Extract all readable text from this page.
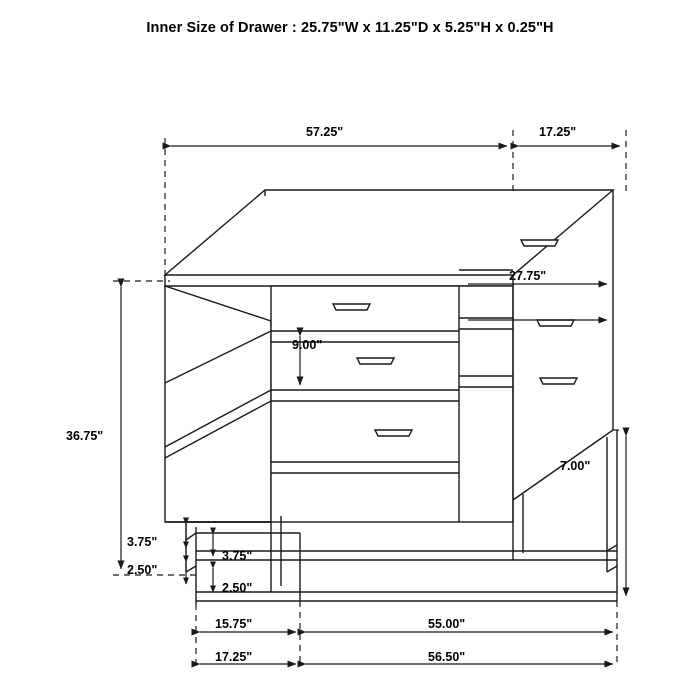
Inner Size of Drawer : 25.75"W x 11.25"D x 5.25"H x 0.25"H
57.25"	17.25"
27.75"
9.00"
36.75"
7.00"
3.75"
2.50"
3.75"
2.50"
15.75"	55.00"
17.25"	56.50"
